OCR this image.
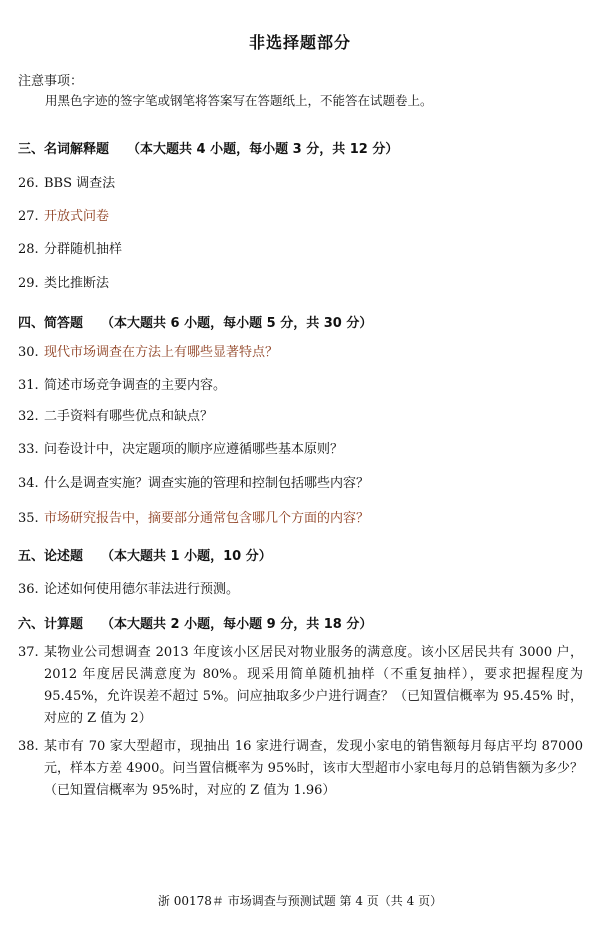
非选择题部分
注意事项：
用黑色字迹的签字笔或钢笔将答案写在答题纸上，不能答在试题卷上。
三、名词解释题 （本大题共 4 小题，每小题 3 分，共 12 分）
26. BBS 调查法
27. 开放式问卷
28. 分群随机抽样
29. 类比推断法
四、简答题 （本大题共 6 小题，每小题 5 分，共 30 分）
30. 现代市场调查在方法上有哪些显著特点？
31. 简述市场竞争调查的主要内容。
32. 二手资料有哪些优点和缺点？
33. 问卷设计中，决定题项的顺序应遵循哪些基本原则？
34. 什么是调查实施？调查实施的管理和控制包括哪些内容？
35. 市场研究报告中，摘要部分通常包含哪几个方面的内容？
五、论述题 （本大题共 1 小题，10 分）
36. 论述如何使用德尔菲法进行预测。
六、计算题 （本大题共 2 小题，每小题 9 分，共 18 分）
37. 某物业公司想调查 2013 年度该小区居民对物业服务的满意度。该小区居民共有 3000 户，2012 年度居民满意度为 80%。现采用简单随机抽样（不重复抽样），要求把握程度为 95.45%，允许误差不超过 5%。问应抽取多少户进行调查？（已知置信概率为 95.45% 时，对应的 Z 值为 2）
38. 某市有 70 家大型超市，现抽出 16 家进行调查，发现小家电的销售额每月每店平均 87000 元，样本方差 4900。问当置信概率为 95%时，该市大型超市小家电每月的总销售额为多少？（已知置信概率为 95%时，对应的 Z 值为 1.96）
浙 00178＃ 市场调查与预测试题 第 4 页（共 4 页）
